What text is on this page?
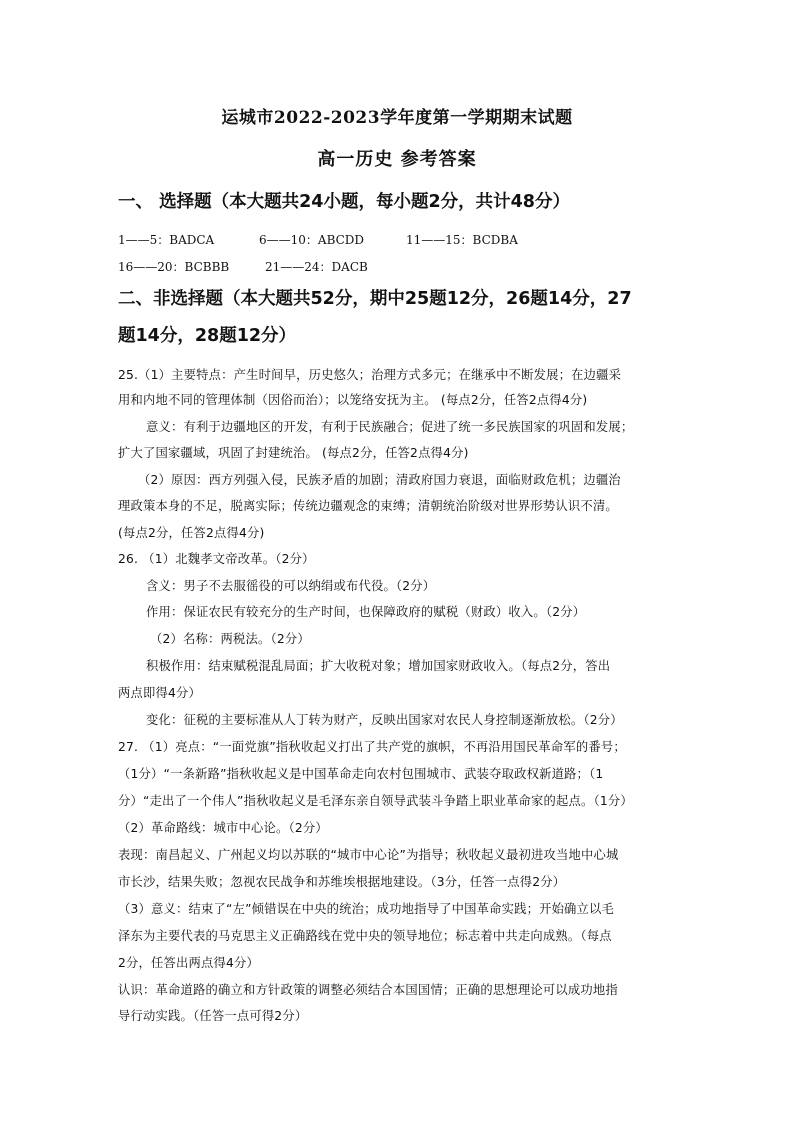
运城市2022-2023学年度第一学期期末试题
高一历史 参考答案
一、 选择题（本大题共24小题，每小题2分，共计48分）
1——5：BADCA	6——10：ABCDD	11——15：BCDBA
16——20：BCBBB	21——24：DACB
二、非选择题（本大题共52分，期中25题12分，26题14分，27
题14分，28题12分）
25.（1）主要特点：产生时间早，历史悠久；治理方式多元；在继承中不断发展；在边疆采
用和内地不同的管理体制（因俗而治）；以笼络安抚为主。 (每点2分，任答2点得4分)
意义：有利于边疆地区的开发，有利于民族融合；促进了统一多民族国家的巩固和发展；
扩大了国家疆域，巩固了封建统治。 (每点2分，任答2点得4分)
（2）原因：西方列强入侵，民族矛盾的加剧；清政府国力衰退，面临财政危机；边疆治
理政策本身的不足，脱离实际；传统边疆观念的束缚；清朝统治阶级对世界形势认识不清。
(每点2分，任答2点得4分)
26. （1）北魏孝文帝改革。（2分）
含义：男子不去服徭役的可以纳绢或布代役。（2分）
作用：保证农民有较充分的生产时间，也保障政府的赋税（财政）收入。（2分）
（2）名称：两税法。（2分）
积极作用：结束赋税混乱局面；扩大收税对象；增加国家财政收入。（每点2分，答出
两点即得4分）
变化：征税的主要标准从人丁转为财产，反映出国家对农民人身控制逐渐放松。（2分）
27. （1）亮点：“一面党旗”指秋收起义打出了共产党的旗帜，不再沿用国民革命军的番号；
（1分）“一条新路”指秋收起义是中国革命走向农村包围城市、武装夺取政权新道路；（1
分）“走出了一个伟人”指秋收起义是毛泽东亲自领导武装斗争踏上职业革命家的起点。（1分）
（2）革命路线：城市中心论。（2分）
表现：南昌起义、广州起义均以苏联的“城市中心论”为指导；秋收起义最初进攻当地中心城
市长沙，结果失败；忽视农民战争和苏维埃根据地建设。（3分，任答一点得2分）
（3）意义：结束了“左”倾错误在中央的统治；成功地指导了中国革命实践；开始确立以毛
泽东为主要代表的马克思主义正确路线在党中央的领导地位；标志着中共走向成熟。（每点
2分，任答出两点得4分）
认识：革命道路的确立和方针政策的调整必须结合本国国情；正确的思想理论可以成功地指
导行动实践。（任答一点可得2分）
